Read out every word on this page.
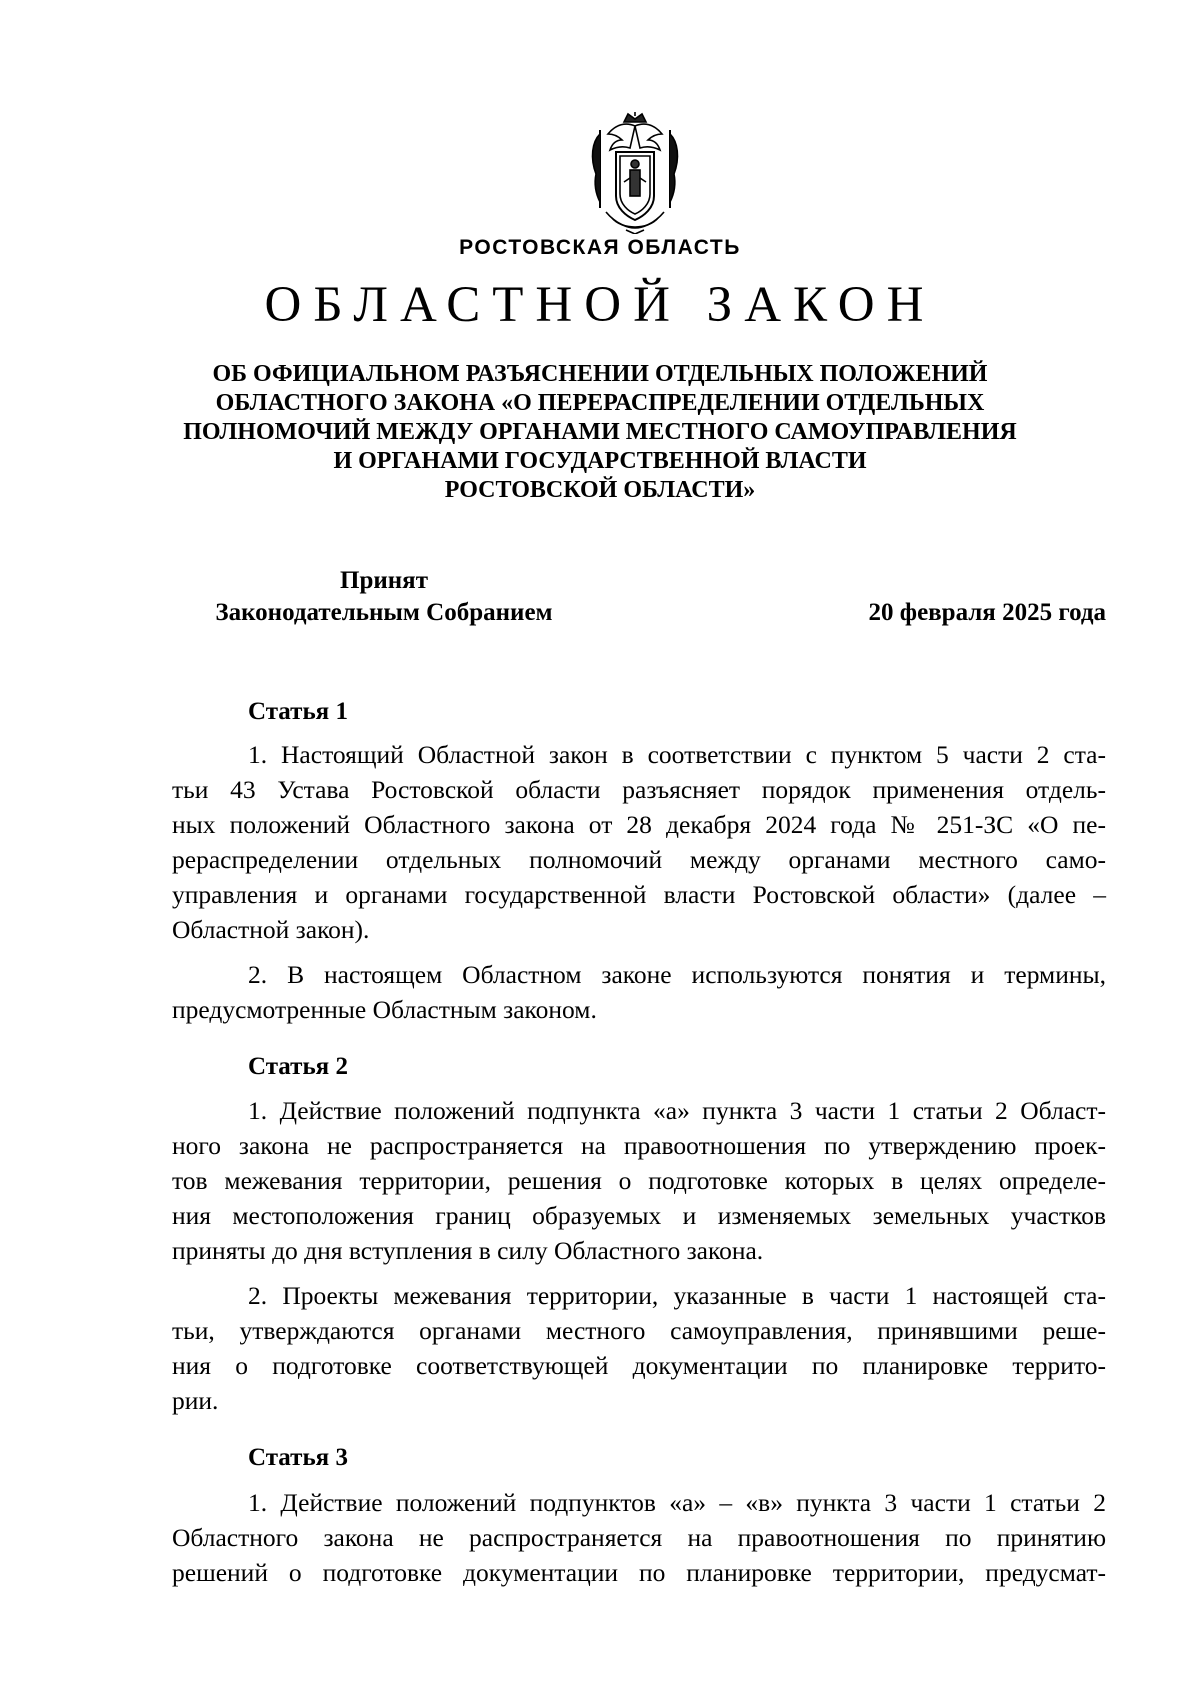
РОСТОВСКАЯ ОБЛАСТЬ
ОБЛАСТНОЙ ЗАКОН
ОБ ОФИЦИАЛЬНОМ РАЗЪЯСНЕНИИ ОТДЕЛЬНЫХ ПОЛОЖЕНИЙ
ОБЛАСТНОГО ЗАКОНА «О ПЕРЕРАСПРЕДЕЛЕНИИ ОТДЕЛЬНЫХ
ПОЛНОМОЧИЙ МЕЖДУ ОРГАНАМИ МЕСТНОГО САМОУПРАВЛЕНИЯ
И ОРГАНАМИ ГОСУДАРСТВЕННОЙ ВЛАСТИ
РОСТОВСКОЙ ОБЛАСТИ»
Принят
Законодательным Собранием	20 февраля 2025 года
Статья 1

1. Настоящий Областной закон в соответствии с пунктом 5 части 2 ста-

тьи 43 Устава Ростовской области разъясняет порядок применения отдель-

ных положений Областного закона от 28 декабря 2024 года № 251-ЗС «О пе-

рераспределении отдельных полномочий между органами местного само-

управления и органами государственной власти Ростовской области» (далее –

Областной закон).

2. В настоящем Областном законе используются понятия и термины,

предусмотренные Областным законом.

Статья 2

1. Действие положений подпункта «а» пункта 3 части 1 статьи 2 Област-

ного закона не распространяется на правоотношения по утверждению проек-

тов межевания территории, решения о подготовке которых в целях определе-

ния местоположения границ образуемых и изменяемых земельных участков

приняты до дня вступления в силу Областного закона.

2. Проекты межевания территории, указанные в части 1 настоящей ста-

тьи, утверждаются органами местного самоуправления, принявшими реше-

ния о подготовке соответствующей документации по планировке террито-

рии.

Статья 3

1. Действие положений подпунктов «а» – «в» пункта 3 части 1 статьи 2

Областного закона не распространяется на правоотношения по принятию

решений о подготовке документации по планировке территории, предусмат-
